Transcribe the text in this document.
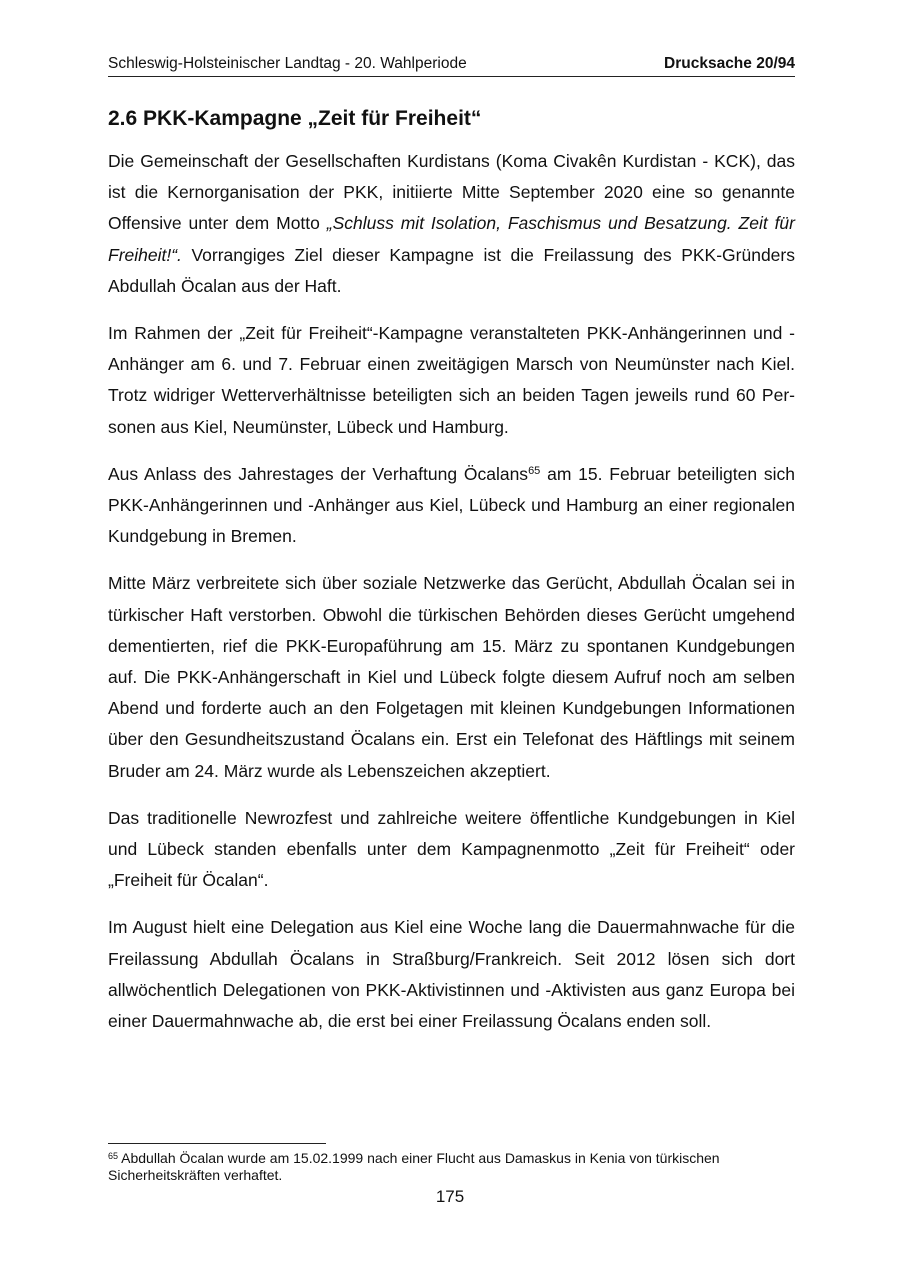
Schleswig-Holsteinischer Landtag - 20. Wahlperiode	Drucksache 20/94
2.6 PKK-Kampagne „Zeit für Freiheit“

Die Gemeinschaft der Gesellschaften Kurdistans (Koma Civakên Kurdistan - KCK), das ist die Kernorganisation der PKK, initiierte Mitte September 2020 eine so genannte Offensive unter dem Motto „Schluss mit Isolation, Faschismus und Besatzung. Zeit für Freiheit!“. Vorrangiges Ziel dieser Kampagne ist die Freilassung des PKK-Gründers Abdullah Öcalan aus der Haft.

Im Rahmen der „Zeit für Freiheit“-Kampagne veranstalteten PKK-Anhängerinnen und -Anhänger am 6. und 7. Februar einen zweitägigen Marsch von Neumünster nach Kiel. Trotz widriger Wetterverhältnisse beteiligten sich an beiden Tagen jeweils rund 60 Personen aus Kiel, Neumünster, Lübeck und Hamburg.

Aus Anlass des Jahrestages der Verhaftung Öcalans$^{65}$ am 15. Februar beteiligten sich PKK-Anhängerinnen und -Anhänger aus Kiel, Lübeck und Hamburg an einer regionalen Kundgebung in Bremen.

Mitte März verbreitete sich über soziale Netzwerke das Gerücht, Abdullah Öcalan sei in türkischer Haft verstorben. Obwohl die türkischen Behörden dieses Gerücht umgehend dementierten, rief die PKK-Europaführung am 15. März zu spontanen Kundgebungen auf. Die PKK-Anhängerschaft in Kiel und Lübeck folgte diesem Aufruf noch am selben Abend und forderte auch an den Folgetagen mit kleinen Kundgebungen Informationen über den Gesundheitszustand Öcalans ein. Erst ein Telefonat des Häftlings mit seinem Bruder am 24. März wurde als Lebenszeichen akzeptiert.

Das traditionelle Newrozfest und zahlreiche weitere öffentliche Kundgebungen in Kiel und Lübeck standen ebenfalls unter dem Kampagnenmotto „Zeit für Freiheit“ oder „Freiheit für Öcalan“.

Im August hielt eine Delegation aus Kiel eine Woche lang die Dauermahnwache für die Freilassung Abdullah Öcalans in Straßburg/Frankreich. Seit 2012 lösen sich dort allwöchentlich Delegationen von PKK-Aktivistinnen und -Aktivisten aus ganz Europa bei einer Dauermahnwache ab, die erst bei einer Freilassung Öcalans enden soll.

$^{65}$ Abdullah Öcalan wurde am 15.02.1999 nach einer Flucht aus Damaskus in Kenia von türkischen Sicherheitskräften verhaftet.
175
